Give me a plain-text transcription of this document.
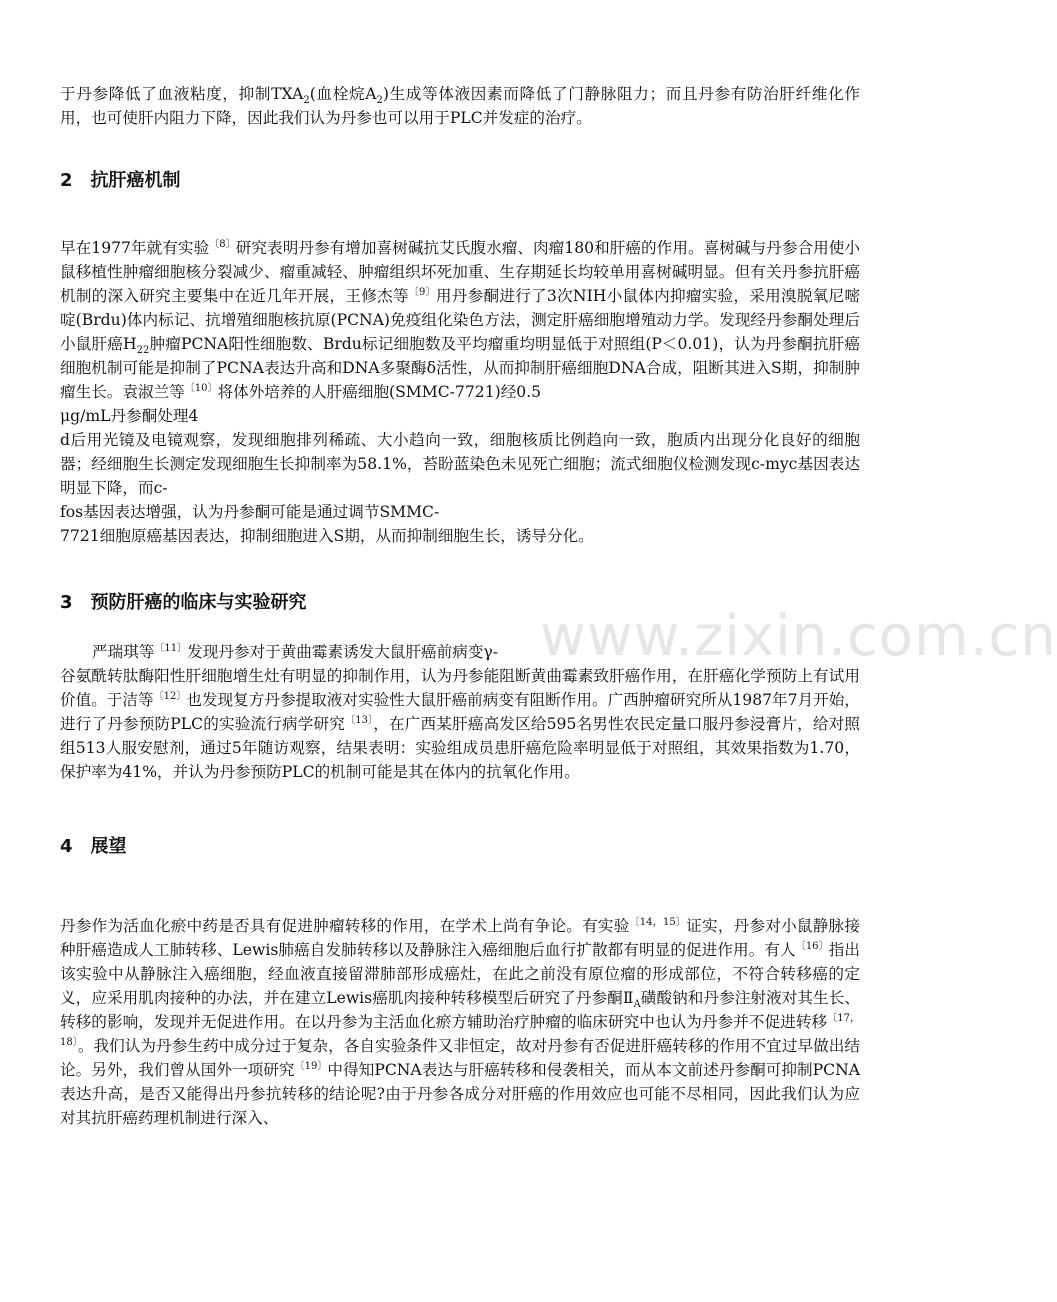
于丹参降低了血液粘度，抑制$TXA_2$(血栓烷$A_2$)生成等体液因素而降低了门静脉阻力；而且丹参有防治肝纤维化作用，也可使肝内阻力下降，因此我们认为丹参也可以用于PLC并发症的治疗。

2　抗肝癌机制

早在1977年就有实验$^{〔8〕}$研究表明丹参有增加喜树碱抗艾氏腹水瘤、肉瘤180和肝癌的作用。喜树碱与丹参合用使小鼠移植性肿瘤细胞核分裂减少、瘤重减轻、肿瘤组织坏死加重、生存期延长均较单用喜树碱明显。但有关丹参抗肝癌机制的深入研究主要集中在近几年开展，王修杰等$^{〔9〕}$用丹参酮进行了3次NIH小鼠体内抑瘤实验，采用溴脱氧尼嘧啶(Brdu)体内标记、抗增殖细胞核抗原(PCNA)免疫组化染色方法，测定肝癌细胞增殖动力学。发现经丹参酮处理后小鼠肝癌$H_{22}$肿瘤PCNA阳性细胞数、Brdu标记细胞数及平均瘤重均明显低于对照组(P＜0.01)，认为丹参酮抗肝癌细胞机制可能是抑制了PCNA表达升高和DNA多聚酶δ活性，从而抑制肝癌细胞DNA合成，阻断其进入S期，抑制肿瘤生长。袁淑兰等$^{〔10〕}$将体外培养的人肝癌细胞(SMMC-7721)经0.5
μg/mL丹参酮处理4
d后用光镜及电镜观察，发现细胞排列稀疏、大小趋向一致，细胞核质比例趋向一致，胞质内出现分化良好的细胞器；经细胞生长测定发现细胞生长抑制率为58.1%，苔盼蓝染色未见死亡细胞；流式细胞仪检测发现c-myc基因表达明显下降，而c-
fos基因表达增强，认为丹参酮可能是通过调节SMMC-
7721细胞原癌基因表达，抑制细胞进入S期，从而抑制细胞生长，诱导分化。

3　预防肝癌的临床与实验研究

严瑞琪等$^{〔11〕}$发现丹参对于黄曲霉素诱发大鼠肝癌前病变γ-
谷氨酰转肽酶阳性肝细胞增生灶有明显的抑制作用，认为丹参能阻断黄曲霉素致肝癌作用，在肝癌化学预防上有试用价值。于洁等$^{〔12〕}$也发现复方丹参提取液对实验性大鼠肝癌前病变有阻断作用。广西肿瘤研究所从1987年7月开始，进行了丹参预防PLC的实验流行病学研究$^{〔13〕}$，在广西某肝癌高发区给595名男性农民定量口服丹参浸膏片，给对照组513人服安慰剂，通过5年随访观察，结果表明：实验组成员患肝癌危险率明显低于对照组，其效果指数为1.70，保护率为41%，并认为丹参预防PLC的机制可能是其在体内的抗氧化作用。

4　展望

丹参作为活血化瘀中药是否具有促进肿瘤转移的作用，在学术上尚有争论。有实验$^{〔14,15〕}$证实，丹参对小鼠静脉接种肝癌造成人工肺转移、Lewis肺癌自发肺转移以及静脉注入癌细胞后血行扩散都有明显的促进作用。有人$^{〔16〕}$指出该实验中从静脉注入癌细胞，经血液直接留滞肺部形成癌灶，在此之前没有原位瘤的形成部位，不符合转移癌的定义，应采用肌肉接种的办法，并在建立Lewis癌肌肉接种转移模型后研究了丹参酮$Ⅱ_A$磺酸钠和丹参注射液对其生长、转移的影响，发现并无促进作用。在以丹参为主活血化瘀方辅助治疗肿瘤的临床研究中也认为丹参并不促进转移$^{〔17,18〕}$。我们认为丹参生药中成分过于复杂，各自实验条件又非恒定，故对丹参有否促进肝癌转移的作用不宜过早做出结论。另外，我们曾从国外一项研究$^{〔19〕}$中得知PCNA表达与肝癌转移和侵袭相关，而从本文前述丹参酮可抑制PCNA表达升高，是否又能得出丹参抗转移的结论呢?由于丹参各成分对肝癌的作用效应也可能不尽相同，因此我们认为应对其抗肝癌药理机制进行深入、

www.zixin.com.cn
